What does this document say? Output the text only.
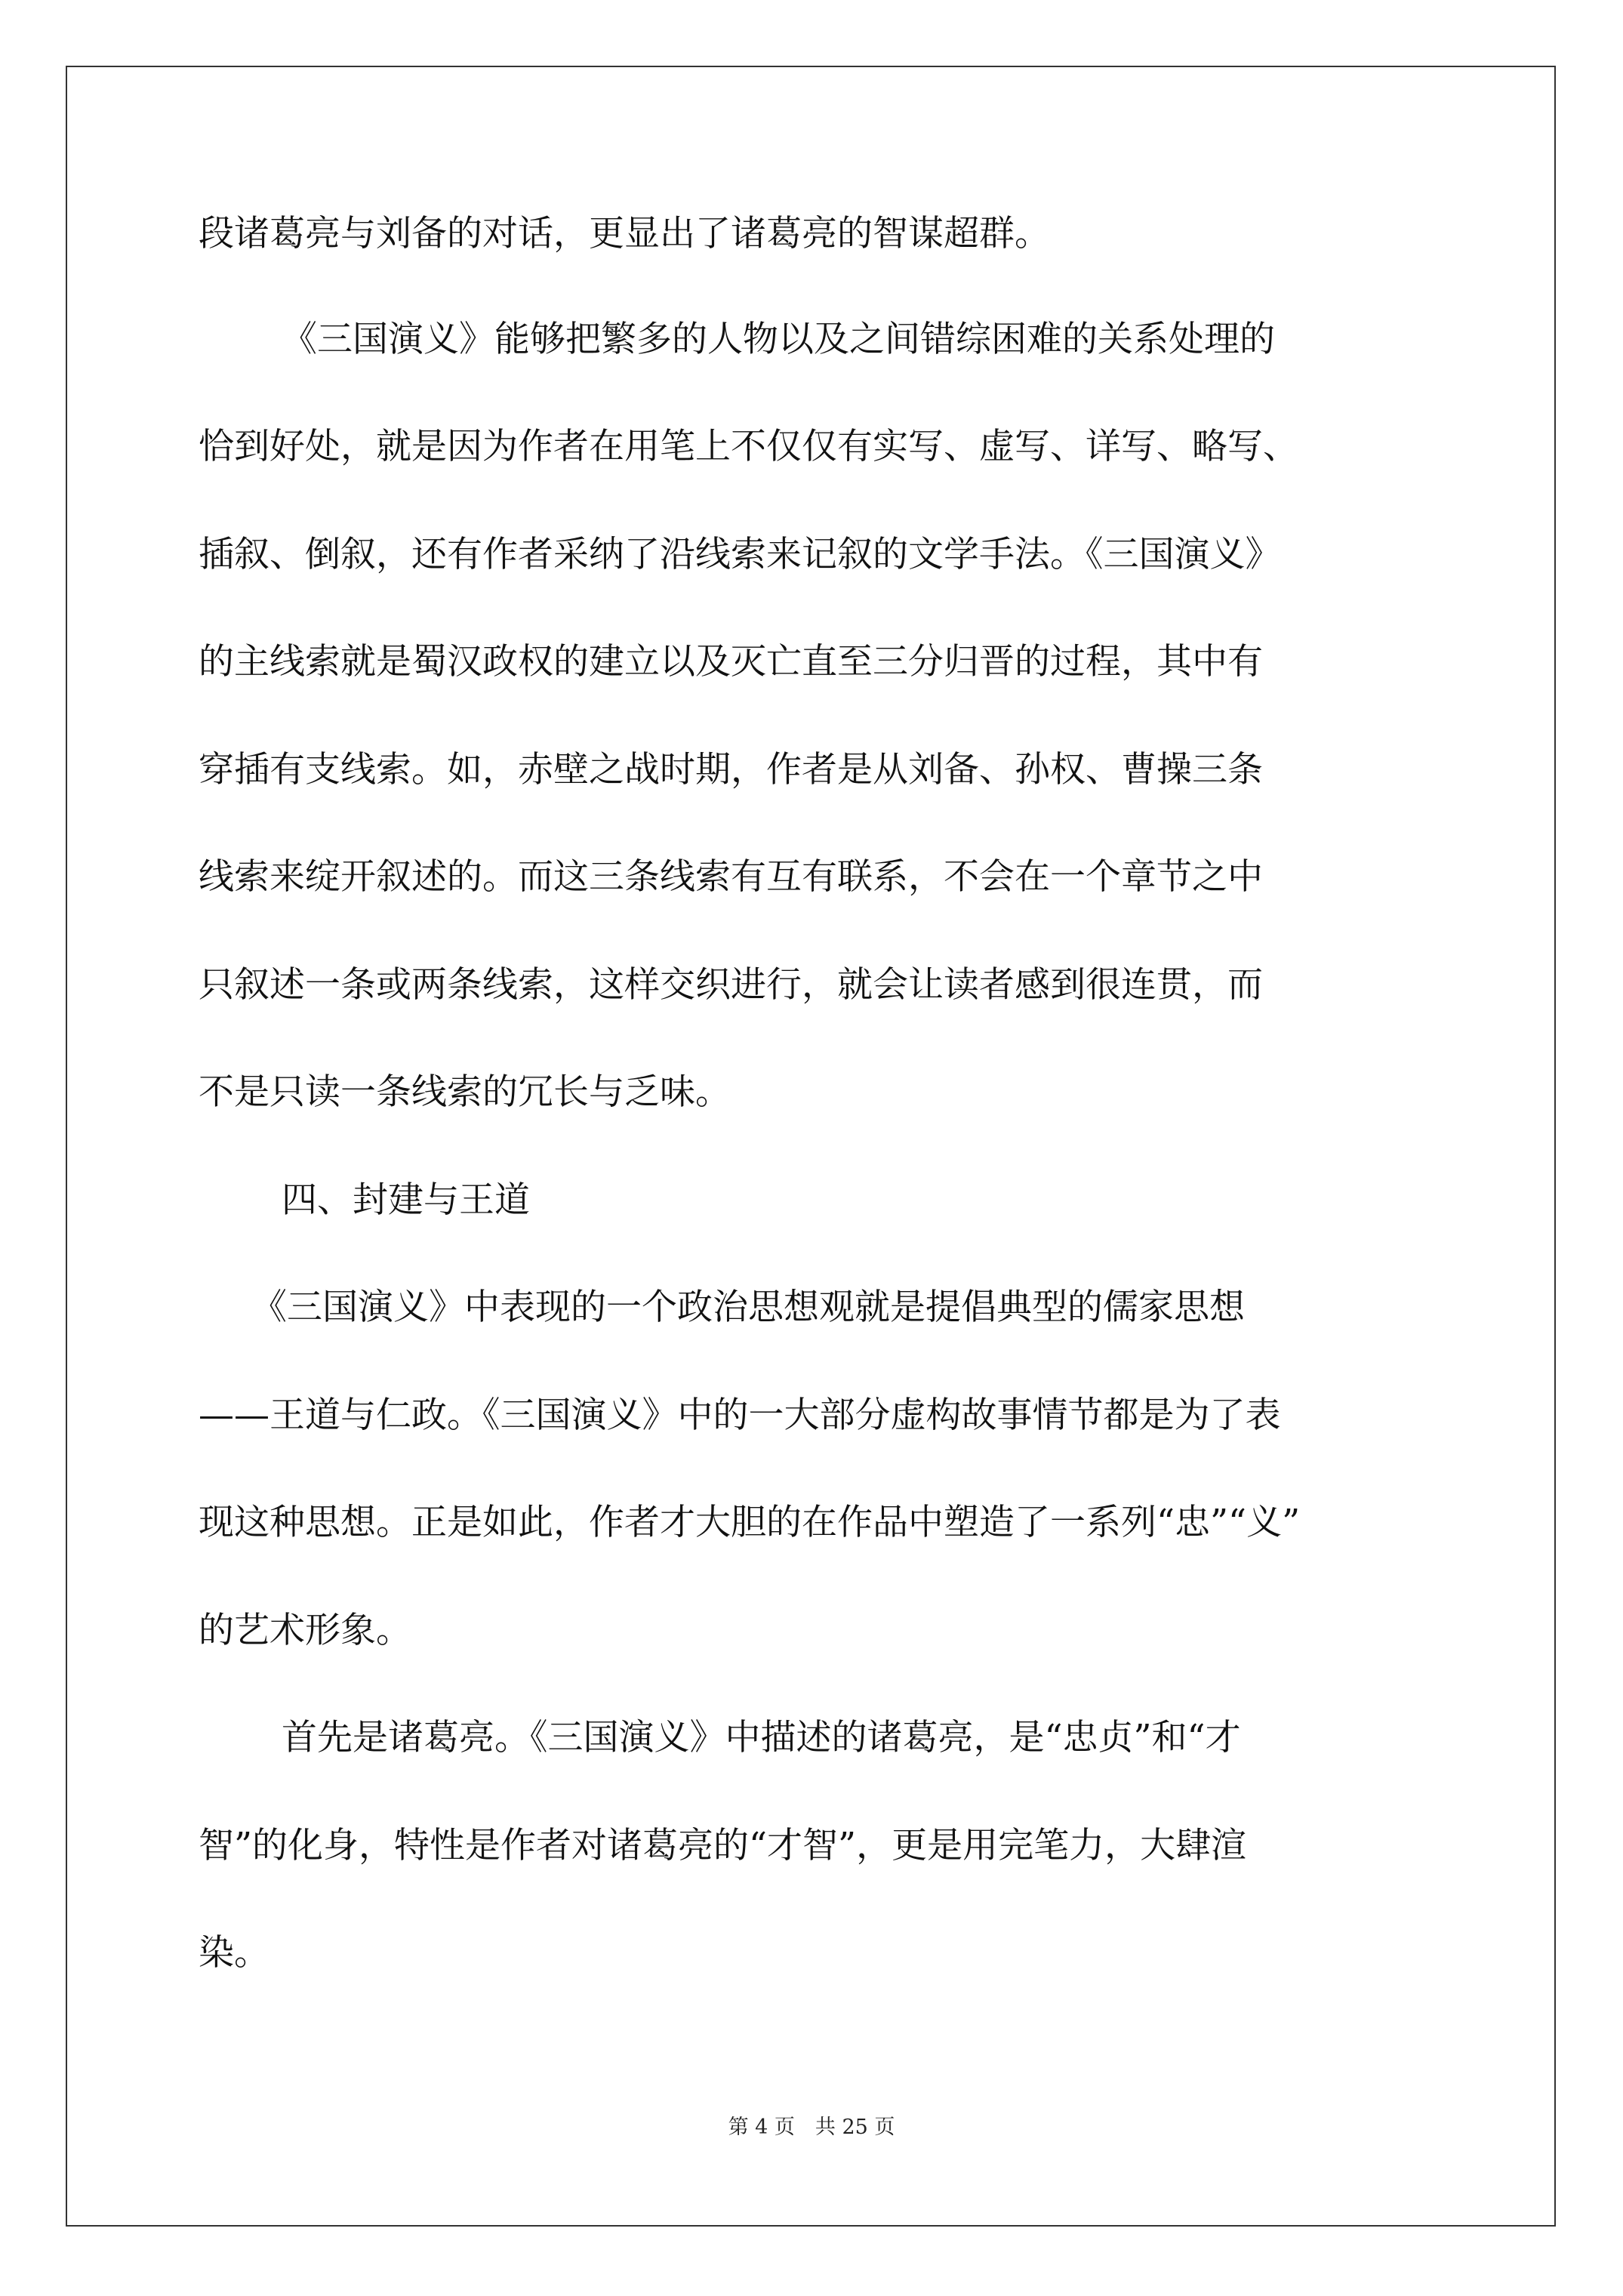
段诸葛亮与刘备的对话，更显出了诸葛亮的智谋超群。
《三国演义》能够把繁多的人物以及之间错综困难的关系处理的
恰到好处，就是因为作者在用笔上不仅仅有实写、虚写、详写、略写、
插叙、倒叙，还有作者采纳了沿线索来记叙的文学手法。《三国演义》
的主线索就是蜀汉政权的建立以及灭亡直至三分归晋的过程，其中有
穿插有支线索。如，赤壁之战时期，作者是从刘备、孙权、曹操三条
线索来绽开叙述的。而这三条线索有互有联系，不会在一个章节之中
只叙述一条或两条线索，这样交织进行，就会让读者感到很连贯，而
不是只读一条线索的冗长与乏味。
四、封建与王道
《三国演义》中表现的一个政治思想观就是提倡典型的儒家思想
——王道与仁政。《三国演义》中的一大部分虚构故事情节都是为了表
现这种思想。正是如此，作者才大胆的在作品中塑造了一系列“忠”“义”
的艺术形象。
首先是诸葛亮。《三国演义》中描述的诸葛亮，是“忠贞”和“才
智”的化身，特性是作者对诸葛亮的“才智”，更是用完笔力，大肆渲
染。
第 4 页　共 25 页
